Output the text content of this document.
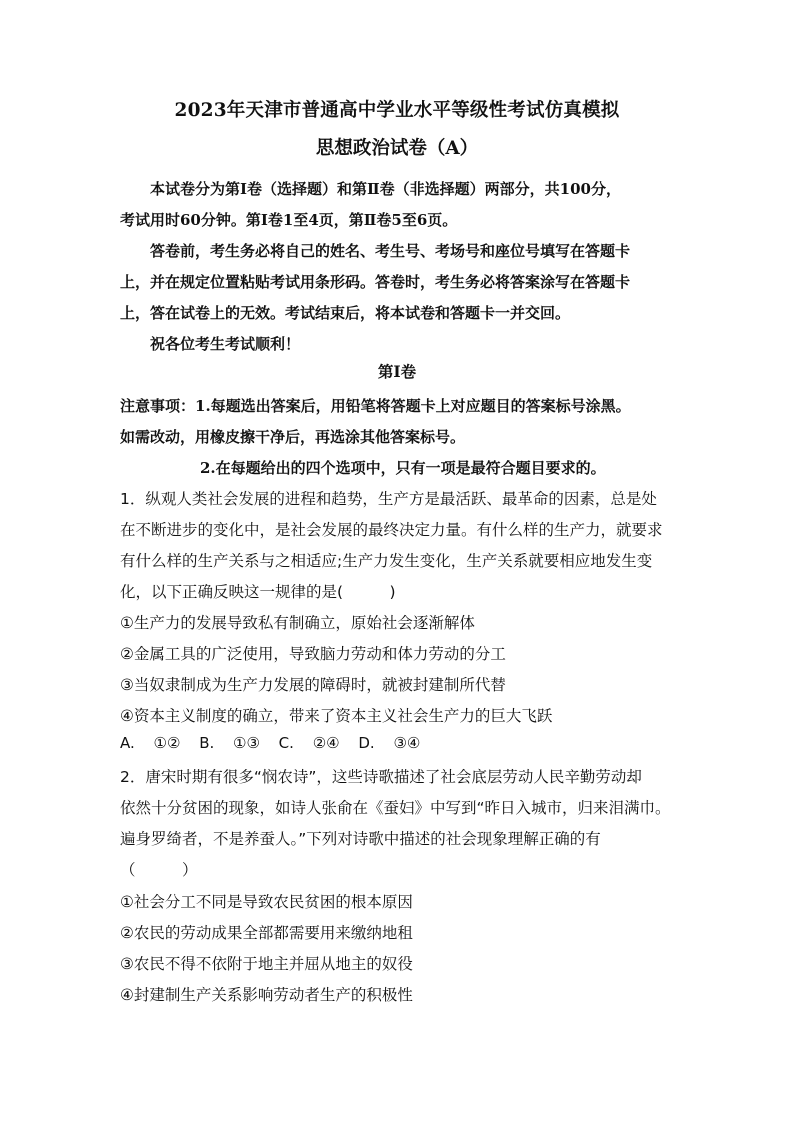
2023年天津市普通高中学业水平等级性考试仿真模拟
思想政治试卷（A）
本试卷分为第Ⅰ卷（选择题）和第Ⅱ卷（非选择题）两部分，共100分，
考试用时60分钟。第Ⅰ卷1至4页，第Ⅱ卷5至6页。
答卷前，考生务必将自己的姓名、考生号、考场号和座位号填写在答题卡
上，并在规定位置粘贴考试用条形码。答卷时，考生务必将答案涂写在答题卡
上，答在试卷上的无效。考试结束后，将本试卷和答题卡一并交回。
祝各位考生考试顺利！
第Ⅰ卷
注意事项：1.每题选出答案后，用铅笔将答题卡上对应题目的答案标号涂黑。
如需改动，用橡皮擦干净后，再选涂其他答案标号。
2.在每题给出的四个选项中，只有一项是最符合题目要求的。
1．纵观人类社会发展的进程和趋势，生产方是最活跃、最革命的因素，总是处
在不断进步的变化中，是社会发展的最终决定力量。有什么样的生产力，就要求
有什么样的生产关系与之相适应;生产力发生变化，生产关系就要相应地发生变
化，以下正确反映这一规律的是(　　　)
①生产力的发展导致私有制确立，原始社会逐渐解体
②金属工具的广泛使用，导致脑力劳动和体力劳动的分工
③当奴隶制成为生产力发展的障碍时，就被封建制所代替
④资本主义制度的确立，带来了资本主义社会生产力的巨大飞跃
A. ①② B. ①③ C. ②④ D. ③④
2．唐宋时期有很多“悯农诗”，这些诗歌描述了社会底层劳动人民辛勤劳动却
依然十分贫困的现象，如诗人张俞在《蚕妇》中写到“昨日入城市，归来泪满巾。
遍身罗绮者，不是养蚕人。”下列对诗歌中描述的社会现象理解正确的有
（　　　）
①社会分工不同是导致农民贫困的根本原因
②农民的劳动成果全部都需要用来缴纳地租
③农民不得不依附于地主并屈从地主的奴役
④封建制生产关系影响劳动者生产的积极性
